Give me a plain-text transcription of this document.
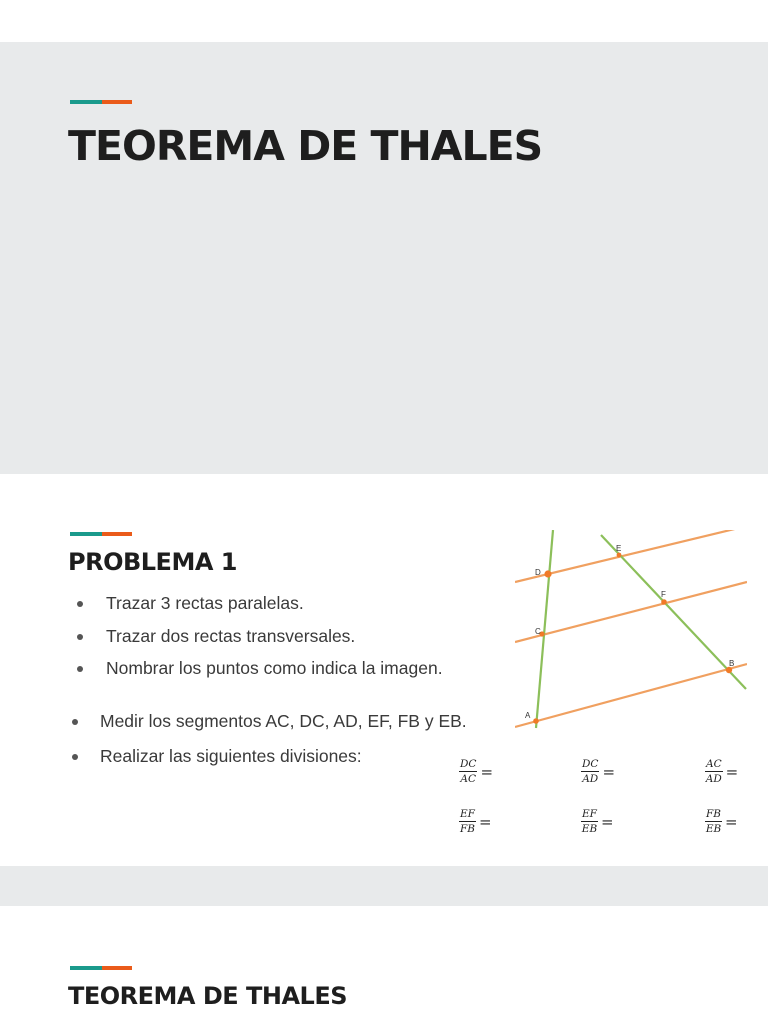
TEOREMA DE THALES
PROBLEMA 1
Trazar 3 rectas paralelas.
Trazar dos rectas transversales.
Nombrar los puntos como indica la imagen.
Medir los segmentos AC, DC, AD, EF, FB y EB.
Realizar las siguientes divisiones:
D
E
F
C
B
A
$\frac{DC}{AC}$ =	$\frac{DC}{AD}$ =	$\frac{AC}{AD}$ =
$\frac{EF}{FB}$ =	$\frac{EF}{EB}$ =	$\frac{FB}{EB}$ =
TEOREMA DE THALES
